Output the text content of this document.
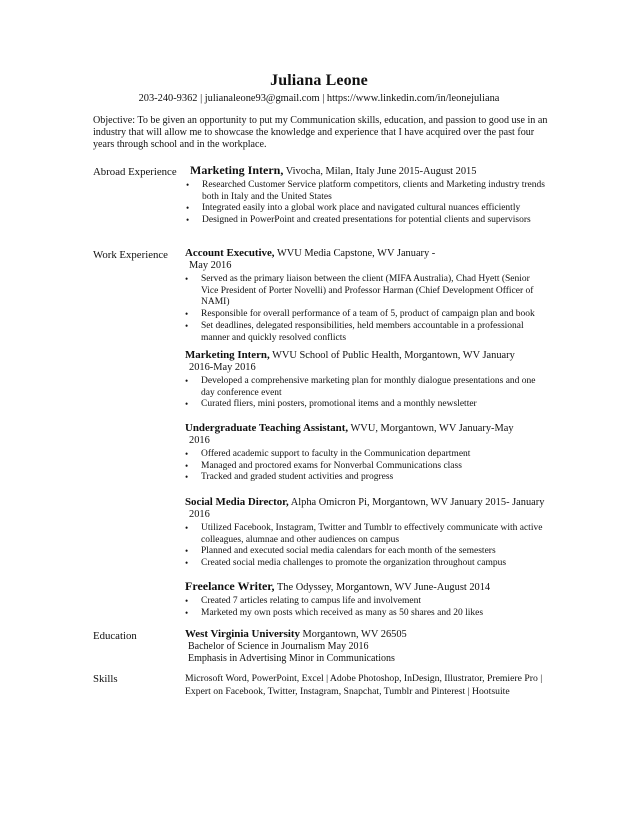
Juliana Leone
203-240-9362 | julianaleone93@gmail.com | https://www.linkedin.com/in/leonejuliana
Objective: To be given an opportunity to put my Communication skills, education, and passion to good use in an industry that will allow me to showcase the knowledge and experience that I have acquired over the past four years through school and in the workplace.
Abroad Experience Marketing Intern, Vivocha, Milan, Italy June 2015-August 2015
• Researched Customer Service platform competitors, clients and Marketing industry trends both in Italy and the United States
• Integrated easily into a global work place and navigated cultural nuances efficiently
• Designed in PowerPoint and created presentations for potential clients and supervisors
Work Experience Account Executive, WVU Media Capstone, WV January -
May 2016
• Served as the primary liaison between the client (MIFA Australia), Chad Hyett (Senior Vice President of Porter Novelli) and Professor Harman (Chief Development Officer of NAMI)
• Responsible for overall performance of a team of 5, product of campaign plan and book
• Set deadlines, delegated responsibilities, held members accountable in a professional manner and quickly resolved conflicts
Marketing Intern, WVU School of Public Health, Morgantown, WV January
2016-May 2016
• Developed a comprehensive marketing plan for monthly dialogue presentations and one day conference event
• Curated fliers, mini posters, promotional items and a monthly newsletter
Undergraduate Teaching Assistant, WVU, Morgantown, WV January-May
2016
• Offered academic support to faculty in the Communication department
• Managed and proctored exams for Nonverbal Communications class
• Tracked and graded student activities and progress
Social Media Director, Alpha Omicron Pi, Morgantown, WV January 2015- January
2016
• Utilized Facebook, Instagram, Twitter and Tumblr to effectively communicate with active colleagues, alumnae and other audiences on campus
• Planned and executed social media calendars for each month of the semesters
• Created social media challenges to promote the organization throughout campus
Freelance Writer, The Odyssey, Morgantown, WV June-August 2014
• Created 7 articles relating to campus life and involvement
• Marketed my own posts which received as many as 50 shares and 20 likes
Education	West Virginia University Morgantown, WV 26505
Bachelor of Science in Journalism May 2016
Emphasis in Advertising Minor in Communications
Skills	Microsoft Word, PowerPoint, Excel | Adobe Photoshop, InDesign, Illustrator, Premiere Pro |
Expert on Facebook, Twitter, Instagram, Snapchat, Tumblr and Pinterest | Hootsuite
